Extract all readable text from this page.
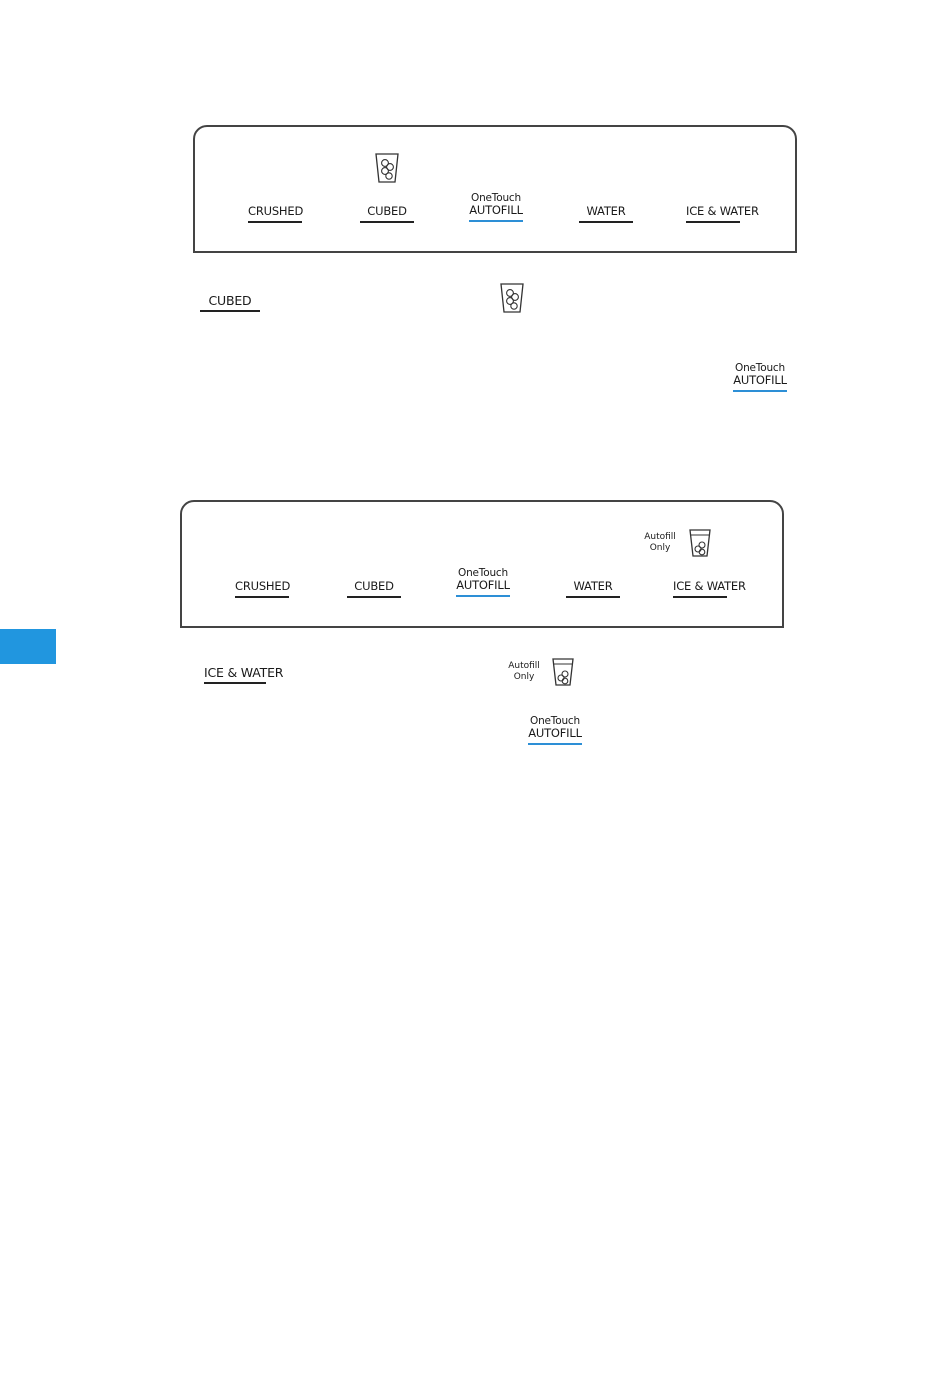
CRUSHED	CUBED
OneTouch
AUTOFILL	WATER	ICE & WATER
CUBED
OneTouch
AUTOFILL
Autofill
Only
CRUSHED	CUBED
OneTouch
AUTOFILL	WATER	ICE & WATER
ICE & WATER	Autofill
Only
OneTouch
AUTOFILL
